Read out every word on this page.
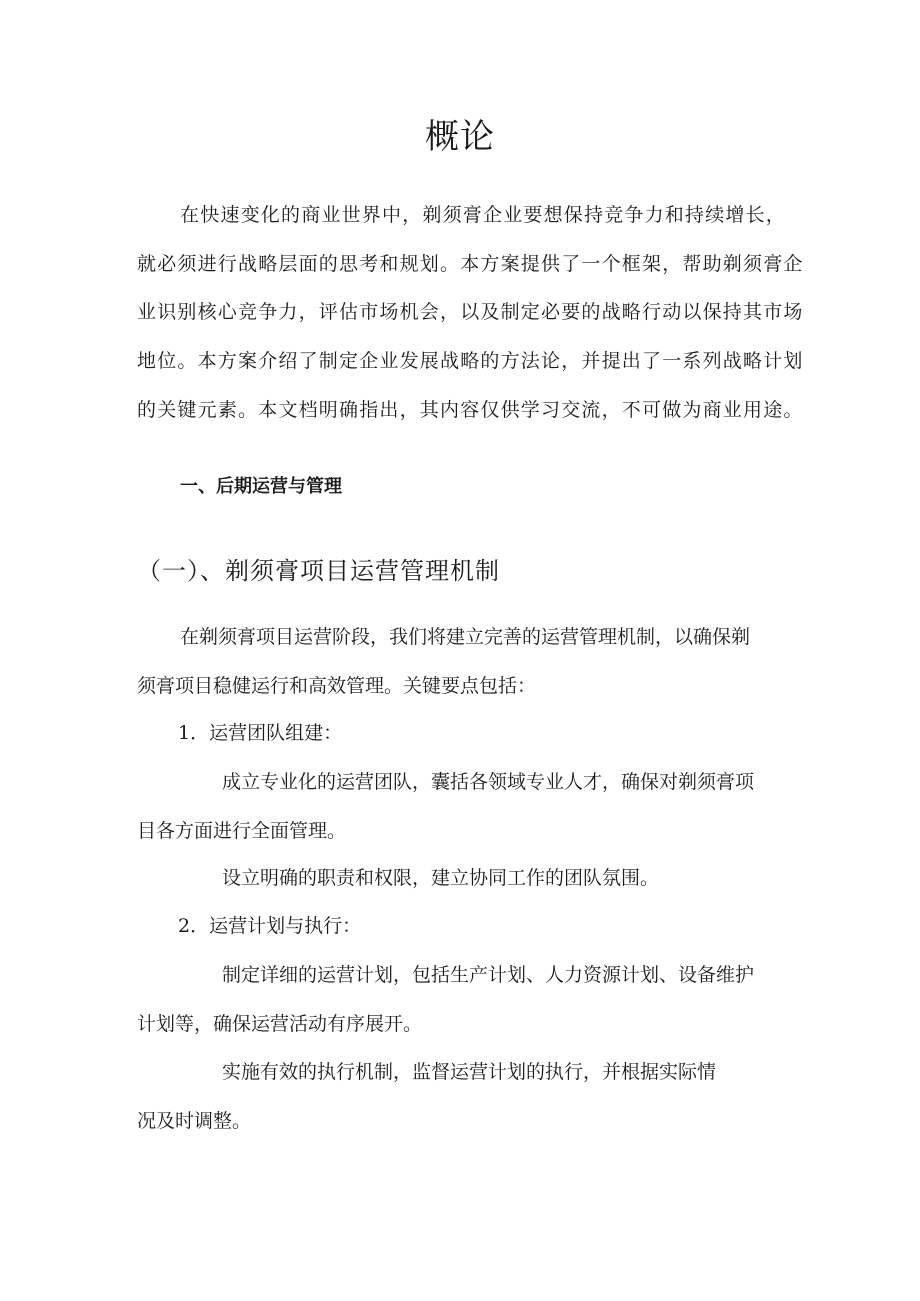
概论

在快速变化的商业世界中，剃须膏企业要想保持竞争力和持续增长，

就必须进行战略层面的思考和规划。本方案提供了一个框架，帮助剃须膏企

业识别核心竞争力，评估市场机会，以及制定必要的战略行动以保持其市场

地位。本方案介绍了制定企业发展战略的方法论，并提出了一系列战略计划

的关键元素。本文档明确指出，其内容仅供学习交流，不可做为商业用途。

一、后期运营与管理
（一）、剃须膏项目运营管理机制

在剃须膏项目运营阶段，我们将建立完善的运营管理机制，以确保剃

须膏项目稳健运行和高效管理。关键要点包括：

1．运营团队组建：

成立专业化的运营团队，囊括各领域专业人才，确保对剃须膏项

目各方面进行全面管理。

设立明确的职责和权限，建立协同工作的团队氛围。

2．运营计划与执行：

制定详细的运营计划，包括生产计划、人力资源计划、设备维护

计划等，确保运营活动有序展开。

实施有效的执行机制，监督运营计划的执行，并根据实际情

况及时调整。
